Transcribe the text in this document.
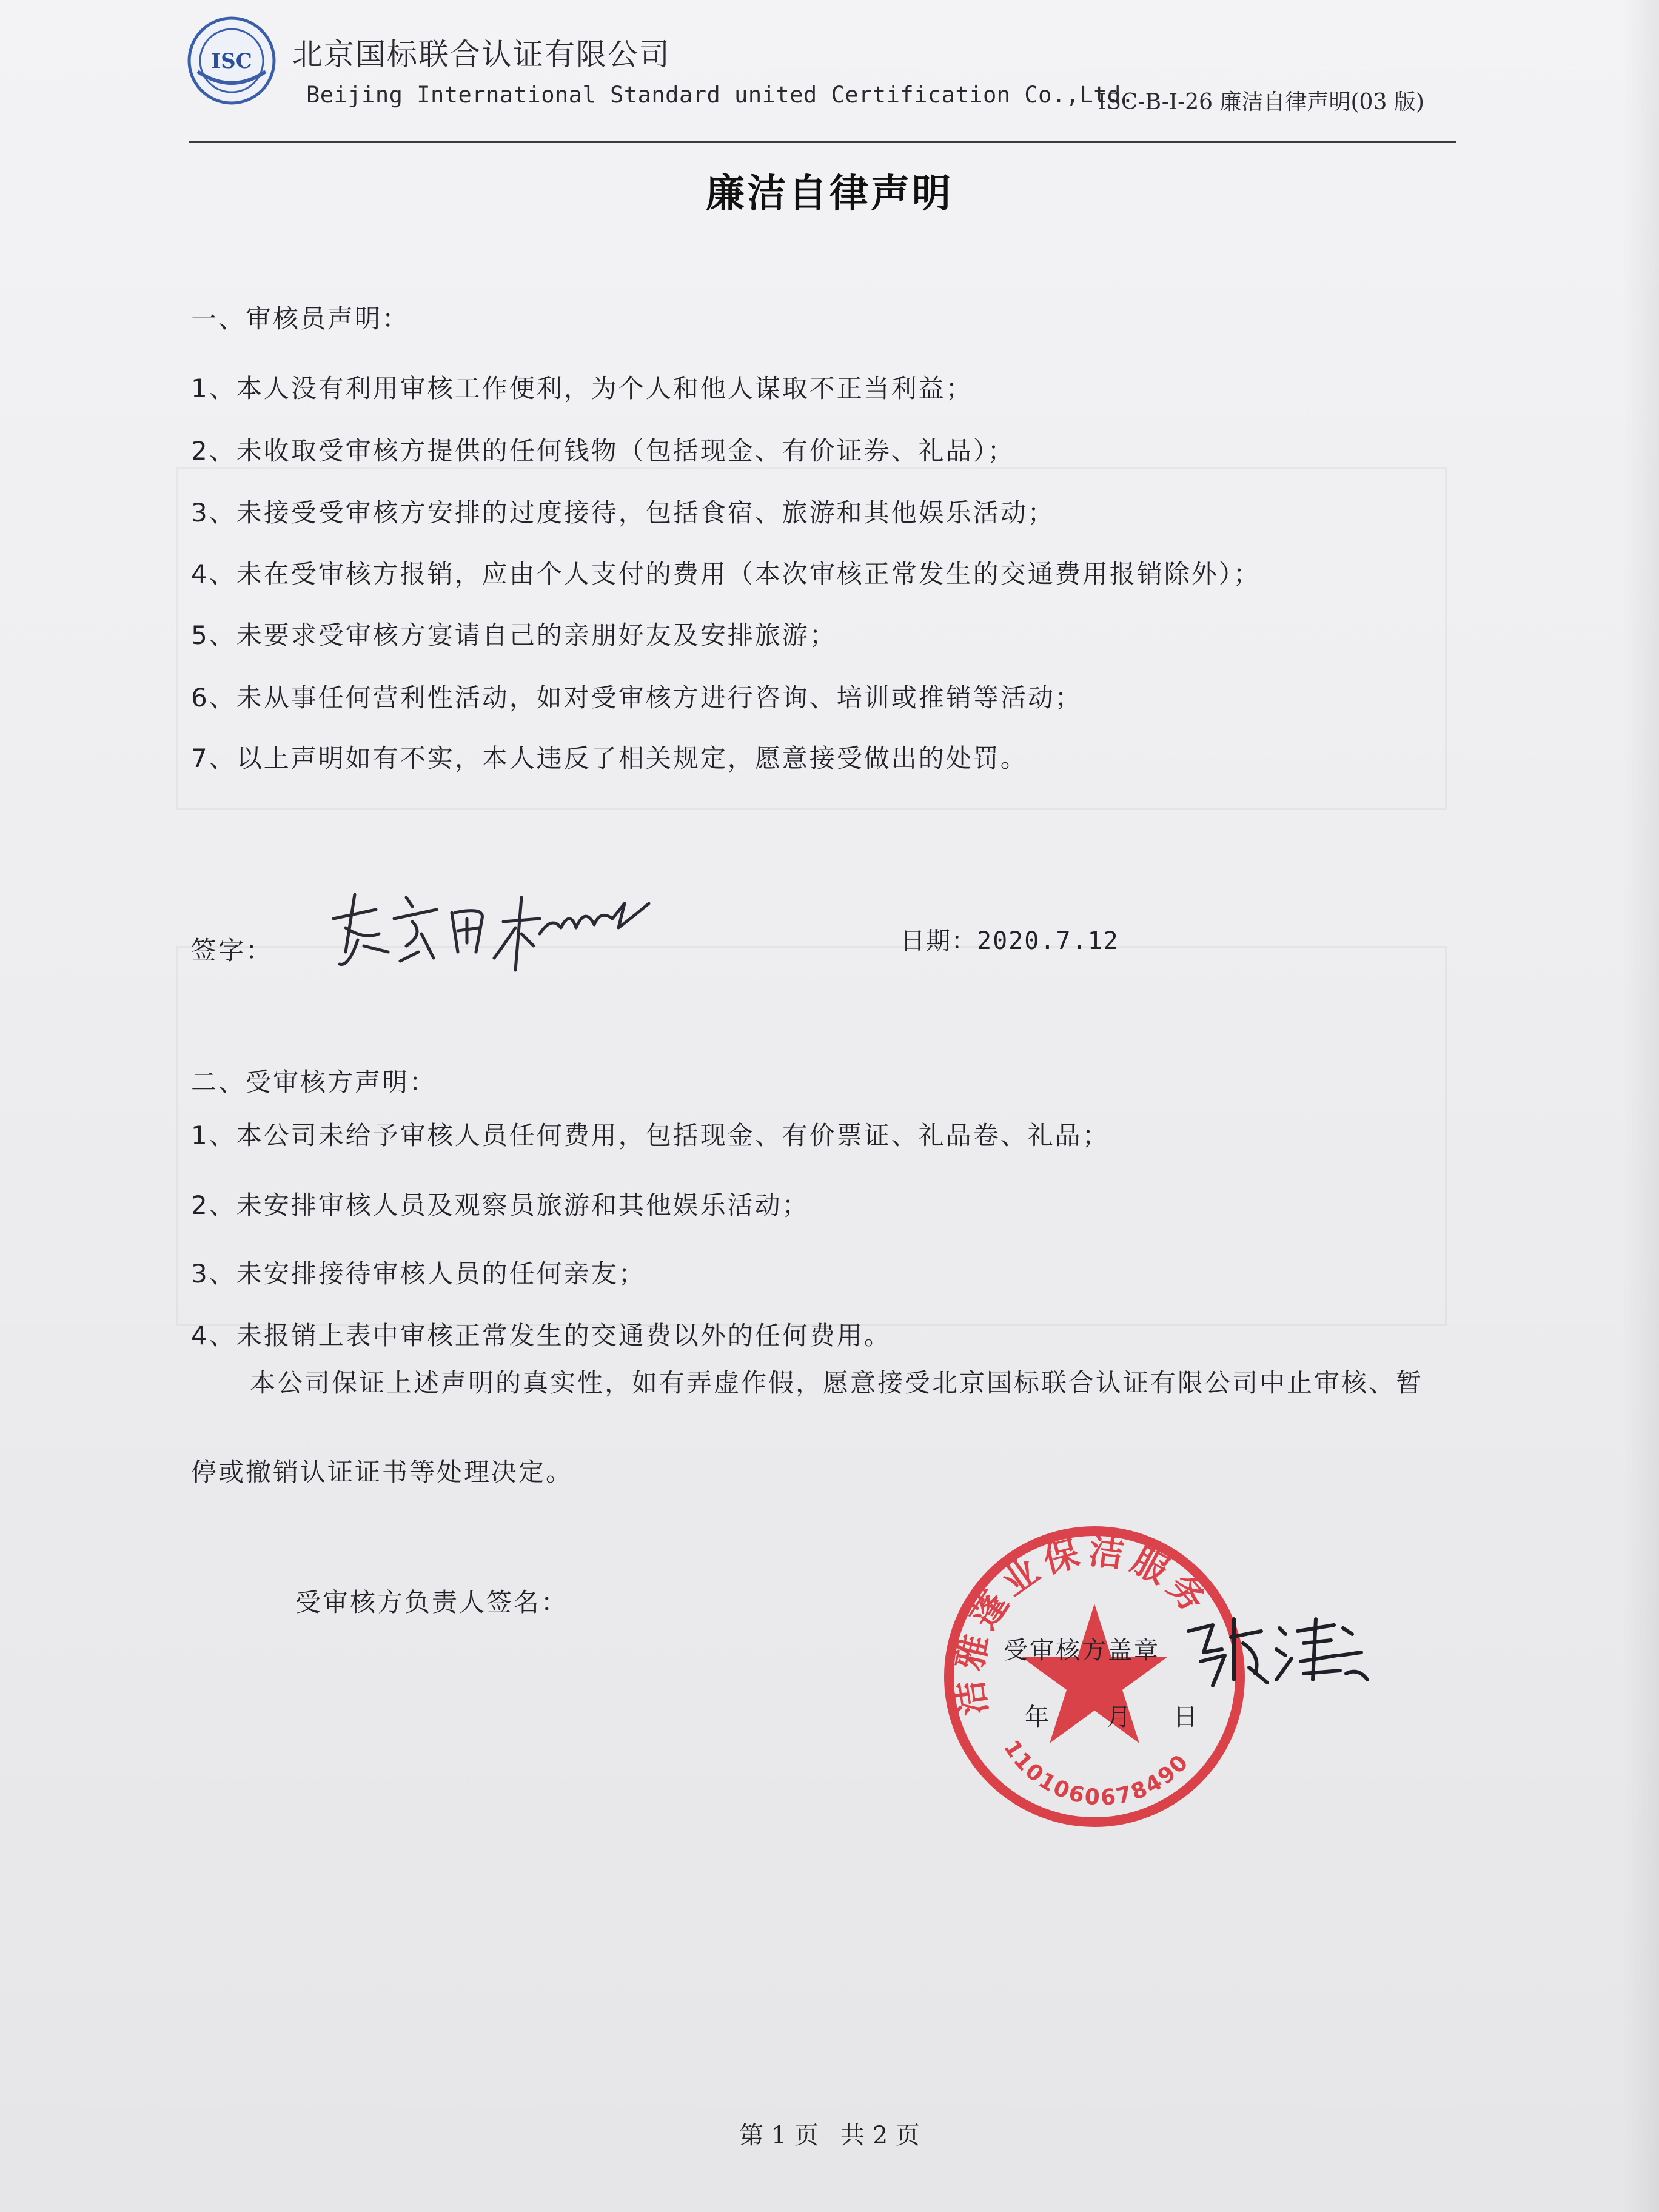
ISC 北京国标联合认证有限公司
Beijing International Standard united Certification Co.,Ltd.
ISC-B-I-26 廉洁自律声明(03 版)
廉洁自律声明
一、审核员声明：
1、本人没有利用审核工作便利，为个人和他人谋取不正当利益；
2、未收取受审核方提供的任何钱物（包括现金、有价证券、礼品）；
3、未接受受审核方安排的过度接待，包括食宿、旅游和其他娱乐活动；
4、未在受审核方报销，应由个人支付的费用（本次审核正常发生的交通费用报销除外）；
5、未要求受审核方宴请自己的亲朋好友及安排旅游；
6、未从事任何营利性活动，如对受审核方进行咨询、培训或推销等活动；
7、以上声明如有不实，本人违反了相关规定，愿意接受做出的处罚。
签字：	日期：2020.7.12
二、受审核方声明：
1、本公司未给予审核人员任何费用，包括现金、有价票证、礼品卷、礼品；
2、未安排审核人员及观察员旅游和其他娱乐活动；
3、未安排接待审核人员的任何亲友；
4、未报销上表中审核正常发生的交通费以外的任何费用。
本公司保证上述声明的真实性，如有弄虚作假，愿意接受北京国标联合认证有限公司中止审核、暂
停或撤销认证证书等处理决定。
受审核方负责人签名：
洁雅蓬业保洁服务
1101060678490
受审核方盖章
年 月 日
第 1 页 共 2 页
